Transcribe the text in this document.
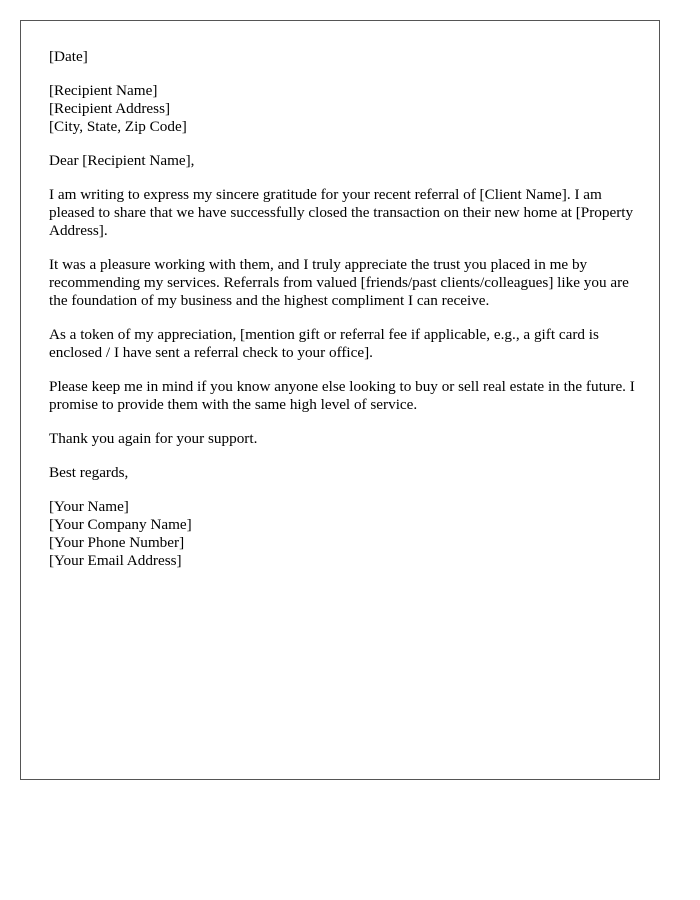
[Date]
[Recipient Name]
[Recipient Address]
[City, State, Zip Code]
Dear [Recipient Name],

I am writing to express my sincere gratitude for your recent referral of [Client Name]. I am pleased to share that we have successfully closed the transaction on their new home at [Property Address].

It was a pleasure working with them, and I truly appreciate the trust you placed in me by recommending my services. Referrals from valued [friends/past clients/colleagues] like you are the foundation of my business and the highest compliment I can receive.

As a token of my appreciation, [mention gift or referral fee if applicable, e.g., a gift card is enclosed / I have sent a referral check to your office].

Please keep me in mind if you know anyone else looking to buy or sell real estate in the future. I promise to provide them with the same high level of service.

Thank you again for your support.

Best regards,
[Your Name]
[Your Company Name]
[Your Phone Number]
[Your Email Address]
